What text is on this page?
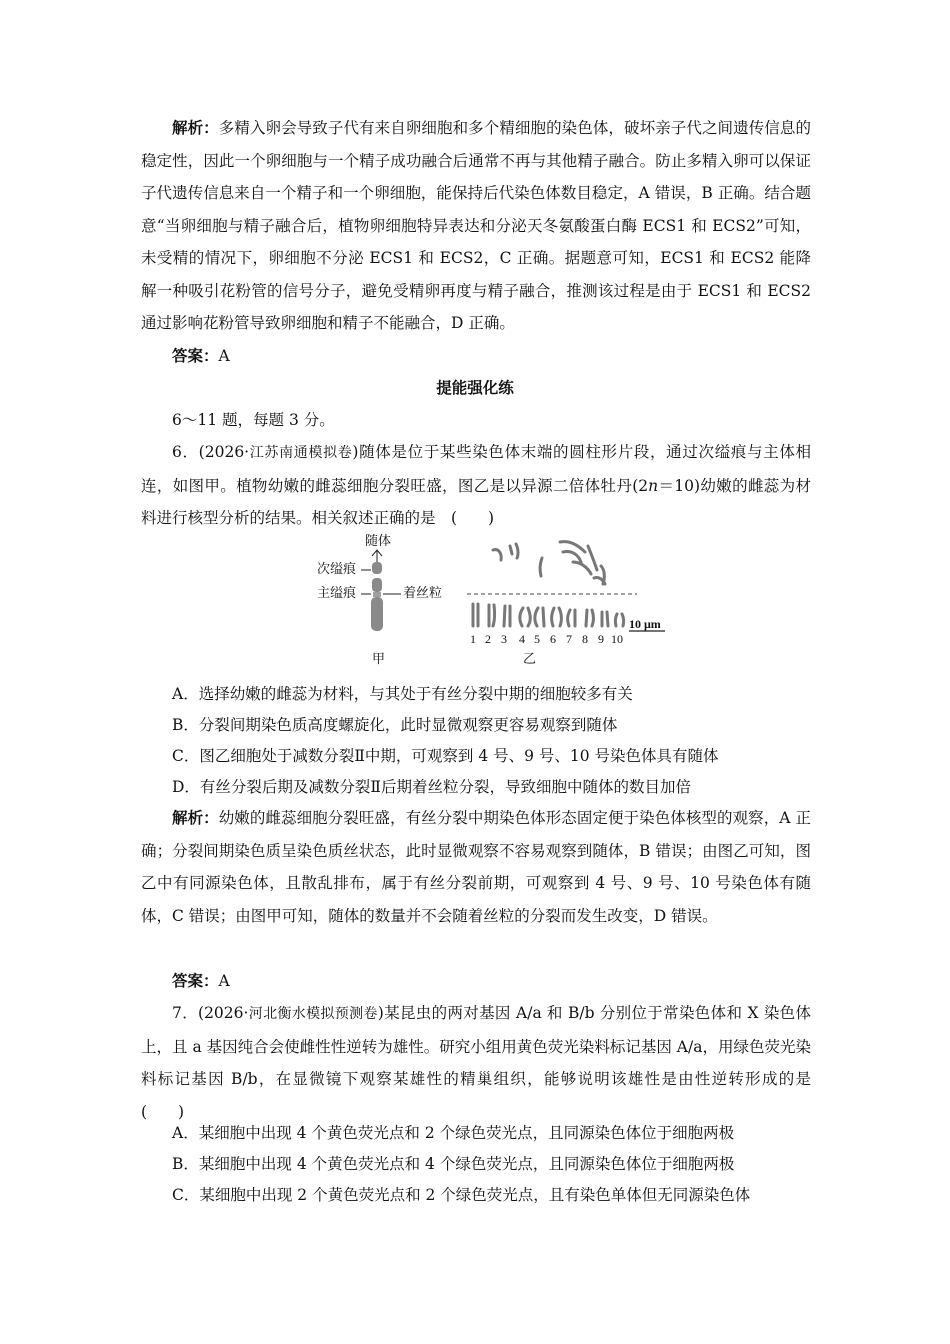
解析：多精入卵会导致子代有来自卵细胞和多个精细胞的染色体，破坏亲子代之间遗传信息的稳定性，因此一个卵细胞与一个精子成功融合后通常不再与其他精子融合。防止多精入卵可以保证子代遗传信息来自一个精子和一个卵细胞，能保持后代染色体数目稳定，A 错误，B 正确。结合题意“当卵细胞与精子融合后，植物卵细胞特异表达和分泌天冬氨酸蛋白酶 ECS1 和 ECS2”可知，未受精的情况下，卵细胞不分泌 ECS1 和 ECS2，C 正确。据题意可知，ECS1 和 ECS2 能降解一种吸引花粉管的信号分子，避免受精卵再度与精子融合，推测该过程是由于 ECS1 和 ECS2 通过影响花粉管导致卵细胞和精子不能融合，D 正确。

答案：A

提能强化练

6～11 题，每题 3 分。

6．(2026·江苏南通模拟卷)随体是位于某些染色体末端的圆柱形片段，通过次缢痕与主体相连，如图甲。植物幼嫩的雌蕊细胞分裂旺盛，图乙是以异源二倍体牡丹(2n＝10)幼嫩的雌蕊为材料进行核型分析的结果。相关叙述正确的是　(　　)

随体
次缢痕
主缢痕	着丝粒
甲	乙
1 2 3 4 5 6 7 8 9 10
10 μm

A．选择幼嫩的雌蕊为材料，与其处于有丝分裂中期的细胞较多有关

B．分裂间期染色质高度螺旋化，此时显微观察更容易观察到随体

C．图乙细胞处于减数分裂Ⅱ中期，可观察到 4 号、9 号、10 号染色体具有随体

D．有丝分裂后期及减数分裂Ⅱ后期着丝粒分裂，导致细胞中随体的数目加倍

解析：幼嫩的雌蕊细胞分裂旺盛，有丝分裂中期染色体形态固定便于染色体核型的观察，A 正确；分裂间期染色质呈染色质丝状态，此时显微观察不容易观察到随体，B 错误；由图乙可知，图乙中有同源染色体，且散乱排布，属于有丝分裂前期，可观察到 4 号、9 号、10 号染色体有随体，C 错误；由图甲可知，随体的数量并不会随着丝粒的分裂而发生改变，D 错误。

答案：A

7．(2026·河北衡水模拟预测卷)某昆虫的两对基因 A/a 和 B/b 分别位于常染色体和 X 染色体上，且 a 基因纯合会使雌性性逆转为雄性。研究小组用黄色荧光染料标记基因 A/a，用绿色荧光染料标记基因 B/b，在显微镜下观察某雄性的精巢组织，能够说明该雄性是由性逆转形成的是　(　　)

A．某细胞中出现 4 个黄色荧光点和 2 个绿色荧光点，且同源染色体位于细胞两极

B．某细胞中出现 4 个黄色荧光点和 4 个绿色荧光点，且同源染色体位于细胞两极

C．某细胞中出现 2 个黄色荧光点和 2 个绿色荧光点，且有染色单体但无同源染色体
